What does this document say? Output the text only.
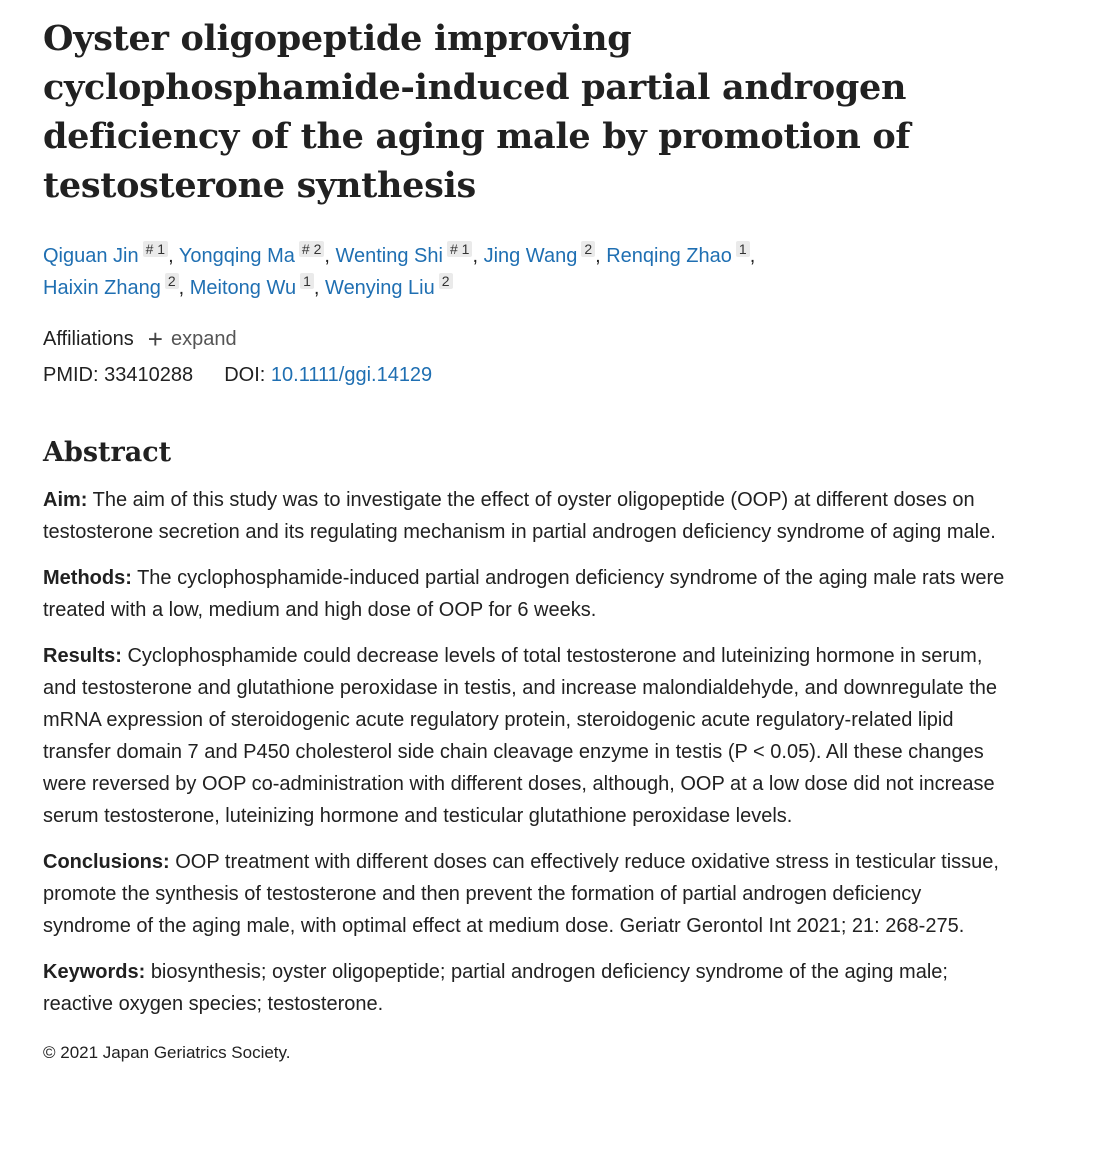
Oyster oligopeptide improving cyclophosphamide-induced partial androgen deficiency of the aging male by promotion of testosterone synthesis
Qiguan Jin # 1 , Yongqing Ma # 2 , Wenting Shi # 1 , Jing Wang 2 , Renqing Zhao 1 ,
Haixin Zhang 2 , Meitong Wu 1 , Wenying Liu 2
Affiliations + expand
PMID: 33410288 DOI: 10.1111/ggi.14129
Abstract

Aim: The aim of this study was to investigate the effect of oyster oligopeptide (OOP) at different doses on testosterone secretion and its regulating mechanism in partial androgen deficiency syndrome of aging male.

Methods: The cyclophosphamide-induced partial androgen deficiency syndrome of the aging male rats were treated with a low, medium and high dose of OOP for 6 weeks.

Results: Cyclophosphamide could decrease levels of total testosterone and luteinizing hormone in serum, and testosterone and glutathione peroxidase in testis, and increase malondialdehyde, and downregulate the mRNA expression of steroidogenic acute regulatory protein, steroidogenic acute regulatory-related lipid transfer domain 7 and P450 cholesterol side chain cleavage enzyme in testis (P < 0.05). All these changes were reversed by OOP co-administration with different doses, although, OOP at a low dose did not increase serum testosterone, luteinizing hormone and testicular glutathione peroxidase levels.

Conclusions: OOP treatment with different doses can effectively reduce oxidative stress in testicular tissue, promote the synthesis of testosterone and then prevent the formation of partial androgen deficiency syndrome of the aging male, with optimal effect at medium dose. Geriatr Gerontol Int 2021; 21: 268-275.

Keywords: biosynthesis; oyster oligopeptide; partial androgen deficiency syndrome of the aging male; reactive oxygen species; testosterone.

© 2021 Japan Geriatrics Society.
